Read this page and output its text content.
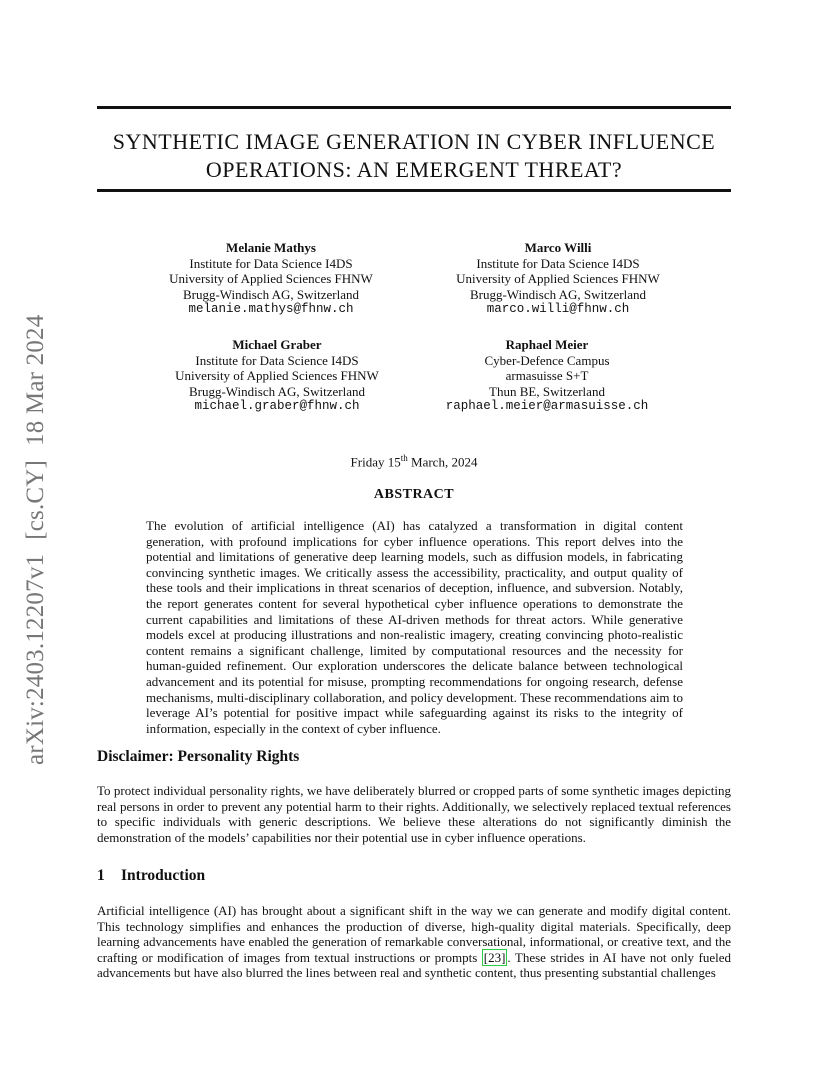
SYNTHETIC IMAGE GENERATION IN CYBER INFLUENCE
OPERATIONS: AN EMERGENT THREAT?
arXiv:2403.12207v1[cs.CY]18 Mar 2024
Melanie Mathys
Institute for Data Science I4DS
University of Applied Sciences FHNW
Brugg-Windisch AG, Switzerland
melanie.mathys@fhnw.ch
Marco Willi
Institute for Data Science I4DS
University of Applied Sciences FHNW
Brugg-Windisch AG, Switzerland
marco.willi@fhnw.ch
Michael Graber
Institute for Data Science I4DS
University of Applied Sciences FHNW
Brugg-Windisch AG, Switzerland
michael.graber@fhnw.ch
Raphael Meier
Cyber-Defence Campus
armasuisse S+T
Thun BE, Switzerland
raphael.meier@armasuisse.ch
Friday 15th March, 2024
ABSTRACT
The evolution of artificial intelligence (AI) has catalyzed a transformation in digital content generation, with profound implications for cyber influence operations. This report delves into the potential and limitations of generative deep learning models, such as diffusion models, in fabricating convincing synthetic images. We critically assess the accessibility, practicality, and output quality of these tools and their implications in threat scenarios of deception, influence, and subversion. Notably, the report generates content for several hypothetical cyber influence operations to demonstrate the current capabilities and limitations of these AI-driven methods for threat actors. While generative models excel at producing illustrations and non-realistic imagery, creating convincing photo-realistic content remains a significant challenge, limited by computational resources and the necessity for human-guided refinement. Our exploration underscores the delicate balance between technological advancement and its potential for misuse, prompting recommendations for ongoing research, defense mechanisms, multi-disciplinary collaboration, and policy development. These recommendations aim to leverage AI’s potential for positive impact while safeguarding against its risks to the integrity of information, especially in the context of cyber influence.
Disclaimer: Personality Rights
To protect individual personality rights, we have deliberately blurred or cropped parts of some synthetic images depicting real persons in order to prevent any potential harm to their rights. Additionally, we selectively replaced textual references to specific individuals with generic descriptions. We believe these alterations do not significantly diminish the demonstration of the models’ capabilities nor their potential use in cyber influence operations.
1 Introduction
Artificial intelligence (AI) has brought about a significant shift in the way we can generate and modify digital content. This technology simplifies and enhances the production of diverse, high-quality digital materials. Specifically, deep learning advancements have enabled the generation of remarkable conversational, informational, or creative text, and the crafting or modification of images from textual instructions or prompts [23] . These strides in AI have not only fueled advancements but have also blurred the lines between real and synthetic content, thus presenting substantial challenges
